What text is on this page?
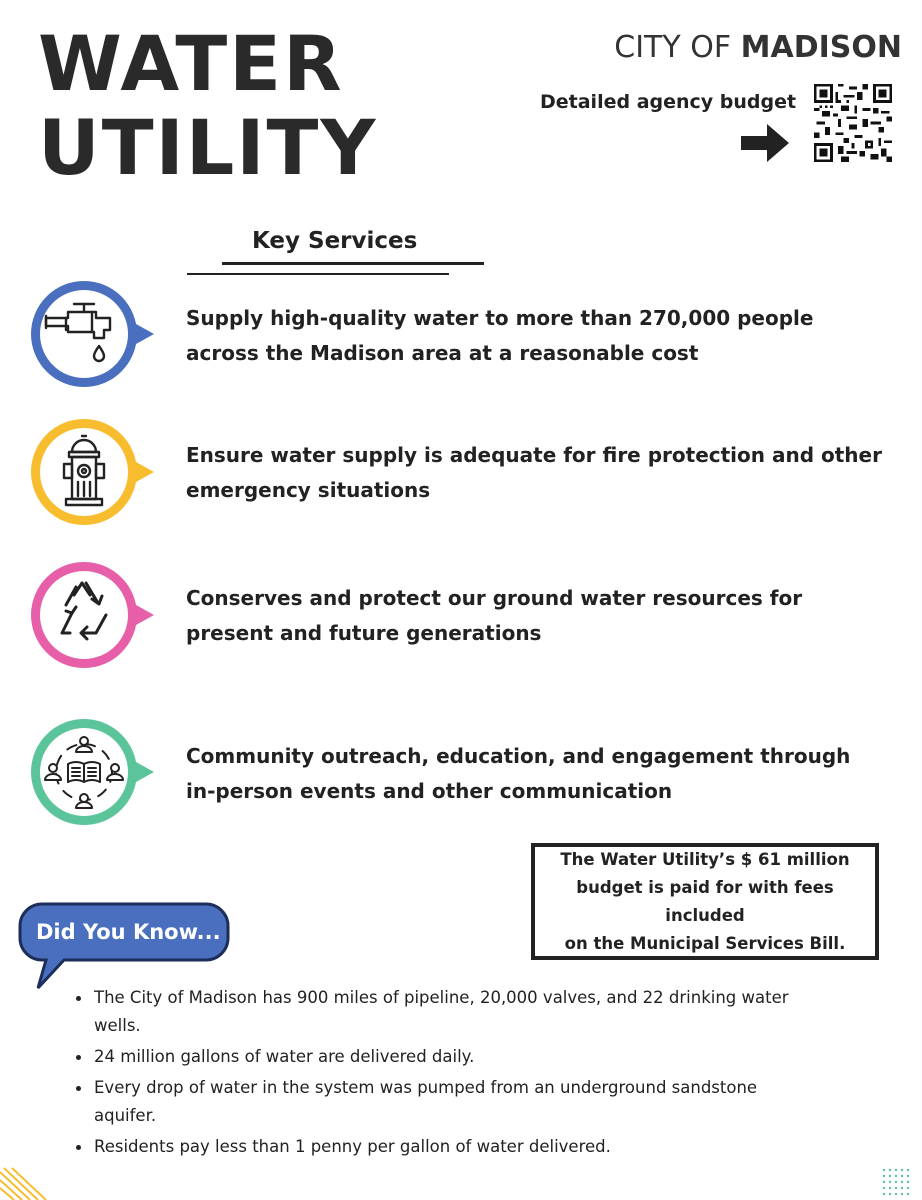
WATER
UTILITY
CITY OF MADISON
Detailed agency budget
Key Services
Supply high-quality water to more than 270,000 people
across the Madison area at a reasonable cost
Ensure water supply is adequate for fire protection and other
emergency situations
Conserves and protect our ground water resources for
present and future generations
Community outreach, education, and engagement through
in-person events and other communication
The Water Utility’s $ 61 million
budget is paid for with fees included
on the Municipal Services Bill.
Did You Know...
The City of Madison has 900 miles of pipeline, 20,000 valves, and 22 drinking water wells.
24 million gallons of water are delivered daily.
Every drop of water in the system was pumped from an underground sandstone aquifer.
Residents pay less than 1 penny per gallon of water delivered.
